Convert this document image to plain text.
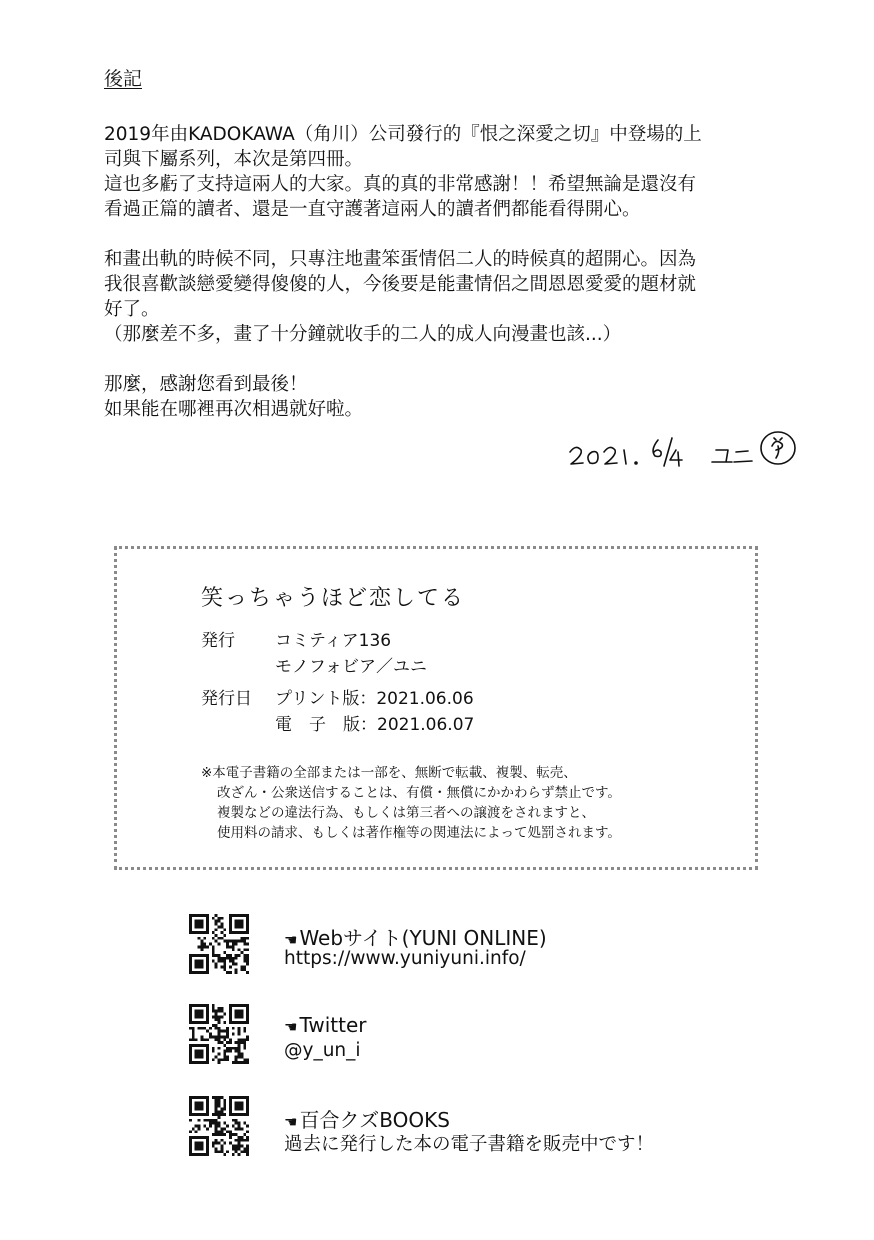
後記
2019年由KADOKAWA（角川）公司發行的『恨之深愛之切』中登場的上
司與下屬系列，本次是第四冊。
這也多虧了支持這兩人的大家。真的真的非常感謝！！希望無論是還沒有
看過正篇的讀者、還是一直守護著這兩人的讀者們都能看得開心。
和畫出軌的時候不同，只專注地畫笨蛋情侶二人的時候真的超開心。因為
我很喜歡談戀愛變得傻傻的人，今後要是能畫情侶之間恩恩愛愛的題材就
好了。
（那麼差不多，畫了十分鐘就收手的二人的成人向漫畫也該...）
那麼，感謝您看到最後！
如果能在哪裡再次相遇就好啦。
笑っちゃうほど恋してる
発行 コミティア136
モノフォビア／ユニ
発行日 プリント版：2021.06.06
電　子　版：2021.06.07
※本電子書籍の全部または一部を、無断で転載、複製、転売、
改ざん・公衆送信することは、有償・無償にかかわらず禁止です。
複製などの違法行為、もしくは第三者への譲渡をされますと、
使用料の請求、もしくは著作権等の関連法によって処罰されます。
☚ Webサイト(YUNI ONLINE)
https://www.yuniyuni.info/
☚ Twitter
@y_un_i
☚ 百合クズBOOKS
過去に発行した本の電子書籍を販売中です！
